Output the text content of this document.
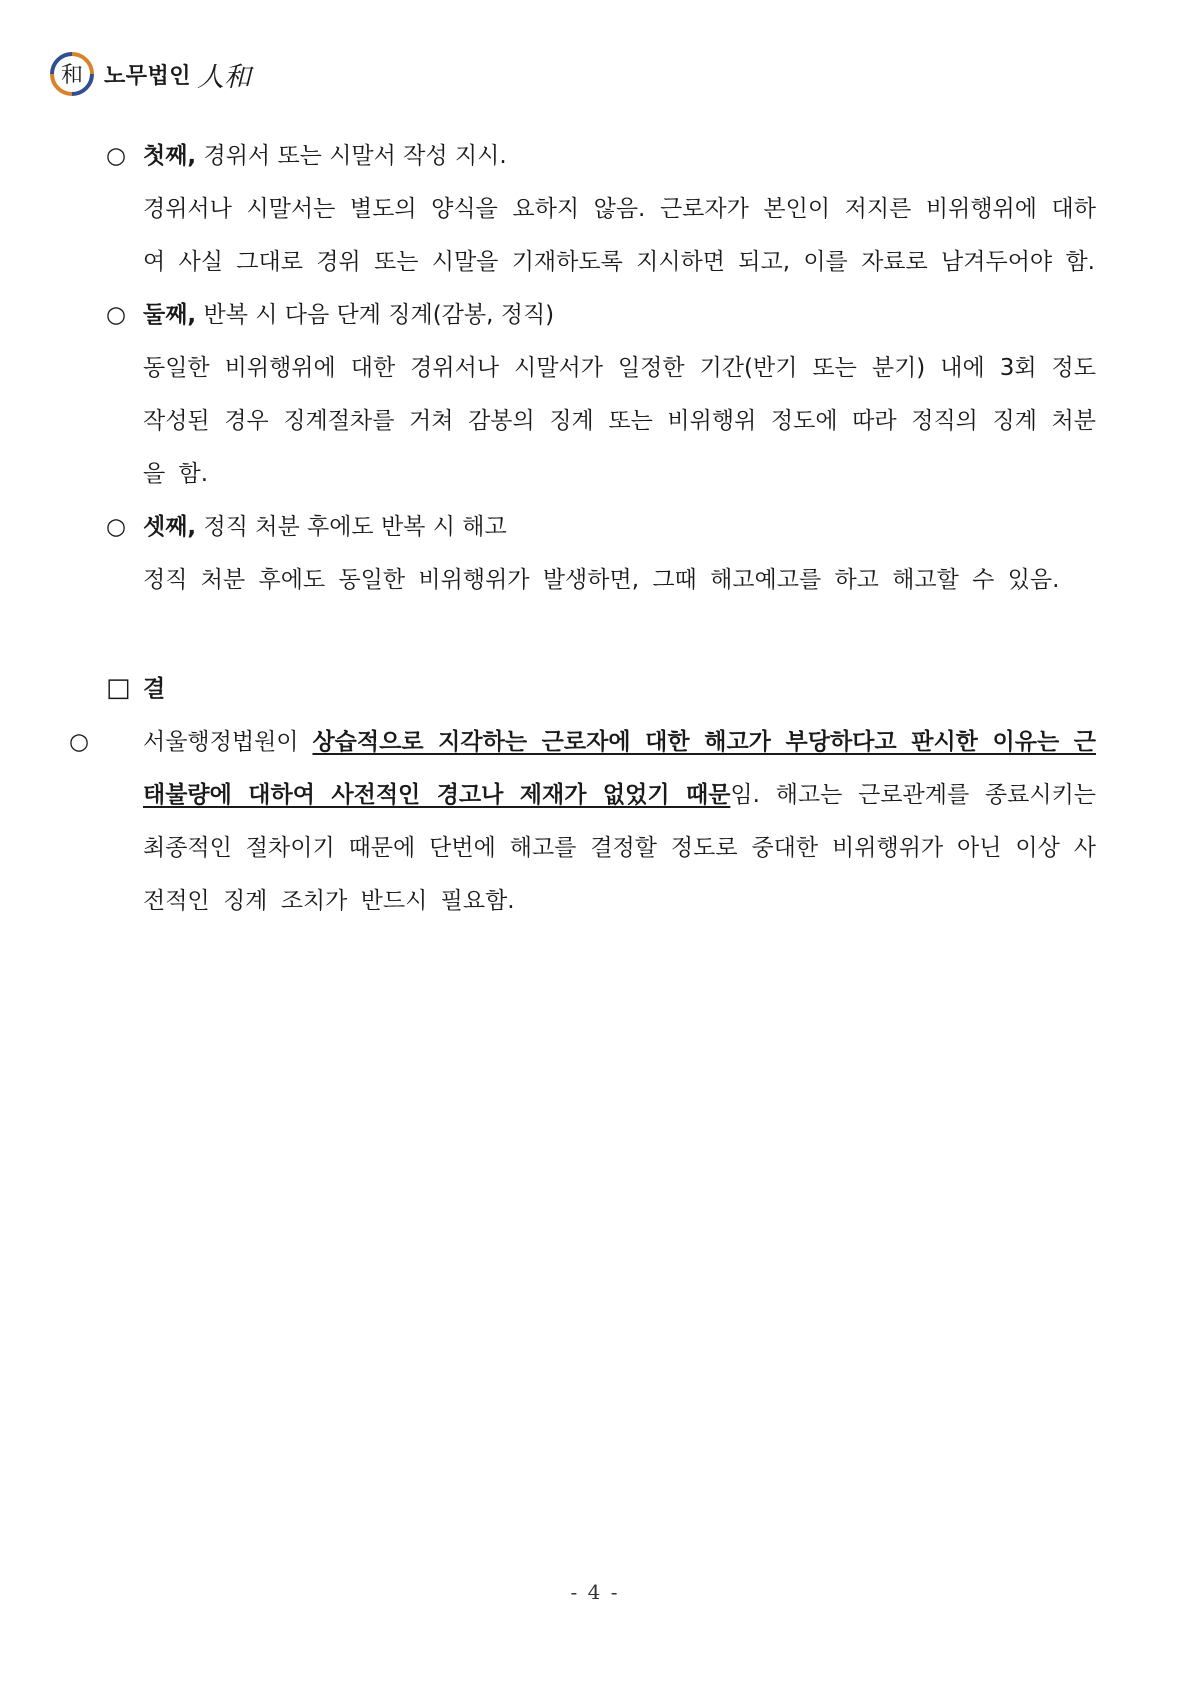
和 노무법인 人和
○ 첫째, 경위서 또는 시말서 작성 지시.
경위서나 시말서는 별도의 양식을 요하지 않음. 근로자가 본인이 저지른 비위행위에 대하여 사실 그대로 경위 또는 시말을 기재하도록 지시하면 되고, 이를 자료로 남겨두어야 함.
○ 둘째, 반복 시 다음 단계 징계(감봉, 정직)
동일한 비위행위에 대한 경위서나 시말서가 일정한 기간(반기 또는 분기) 내에 3회 정도 작성된 경우 징계절차를 거쳐 감봉의 징계 또는 비위행위 정도에 따라 정직의 징계 처분을 함.
○ 셋째, 정직 처분 후에도 반복 시 해고
정직 처분 후에도 동일한 비위행위가 발생하면, 그때 해고예고를 하고 해고할 수 있음.
□ 결
○ 서울행정법원이 상습적으로 지각하는 근로자에 대한 해고가 부당하다고 판시한 이유는 근태불량에 대하여 사전적인 경고나 제재가 없었기 때문임. 해고는 근로관계를 종료시키는 최종적인 절차이기 때문에 단번에 해고를 결정할 정도로 중대한 비위행위가 아닌 이상 사전적인 징계 조치가 반드시 필요함.
- 4 -
